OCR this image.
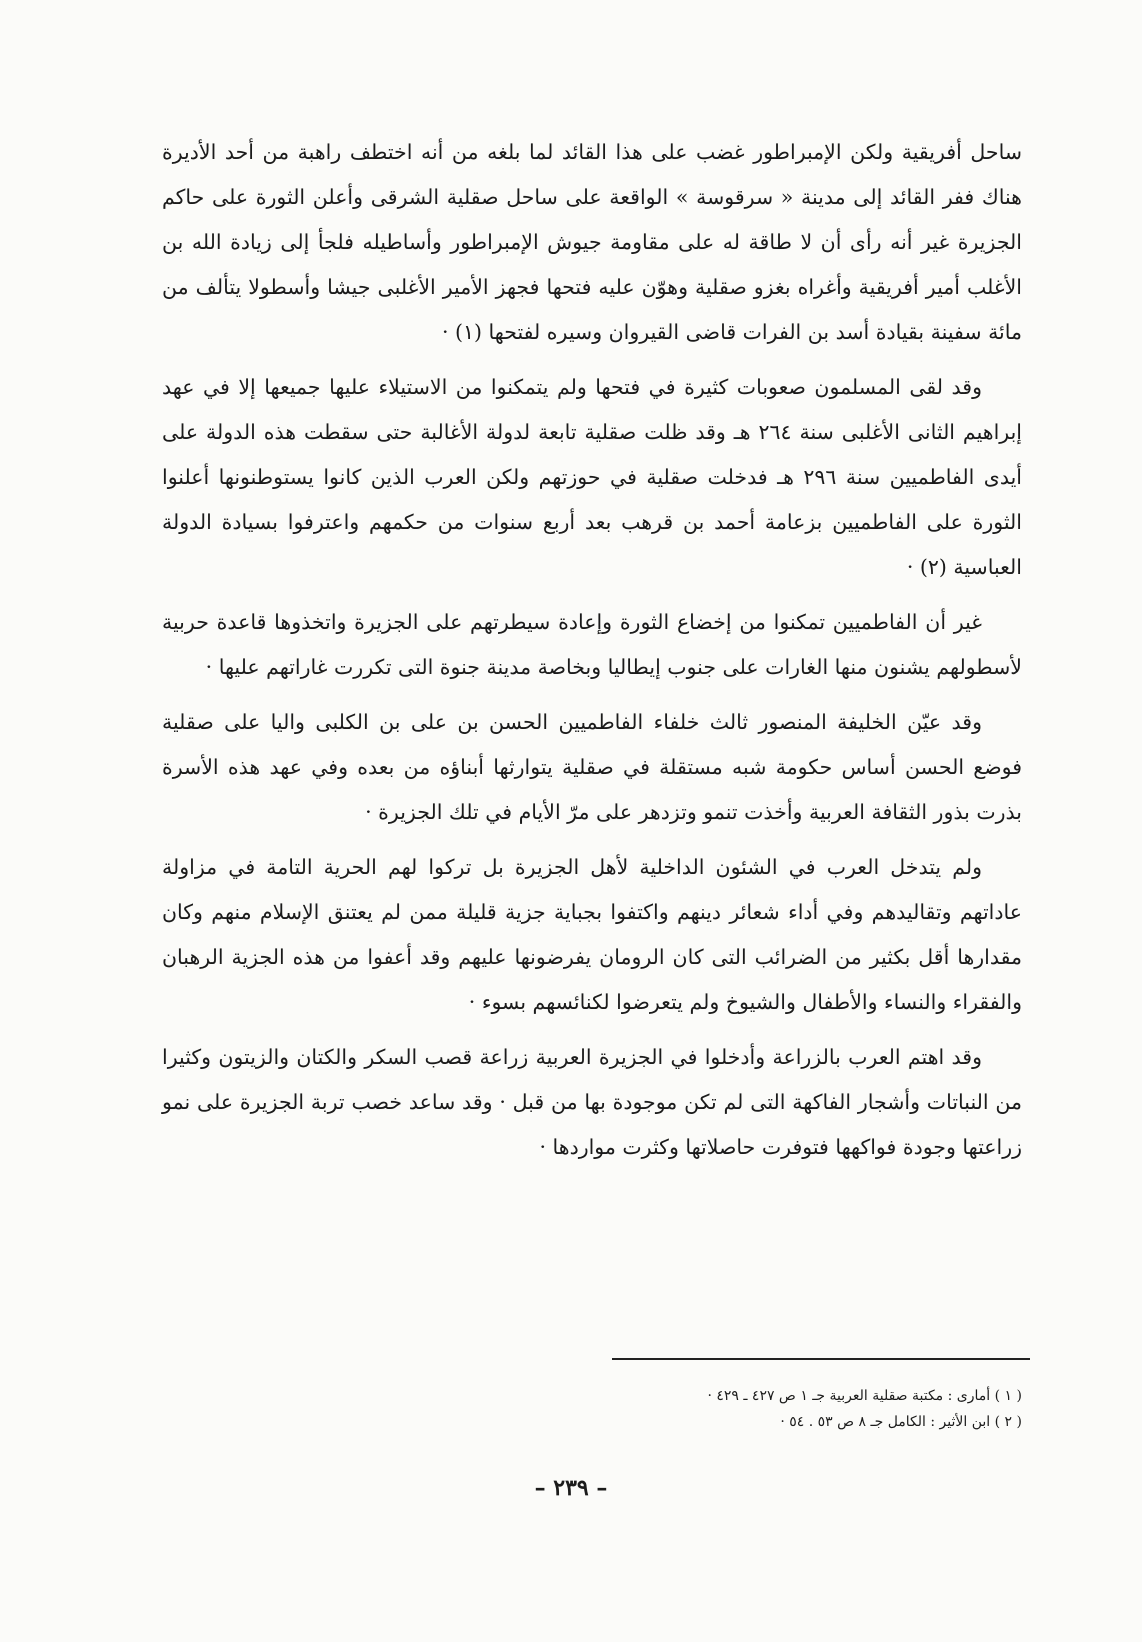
ساحل أفريقية ولكن الإمبراطور غضب على هذا القائد لما بلغه من أنه اختطف راهبة من أحد الأديرة هناك ففر القائد إلى مدينة « سرقوسة » الواقعة على ساحل صقلية الشرقى وأعلن الثورة على حاكم الجزيرة غير أنه رأى أن لا طاقة له على مقاومة جيوش الإمبراطور وأساطيله فلجأ إلى زيادة الله بن الأغلب أمير أفريقية وأغراه بغزو صقلية وهوّن عليه فتحها فجهز الأمير الأغلبى جيشا وأسطولا يتألف من مائة سفينة بقيادة أسد بن الفرات قاضى القيروان وسيره لفتحها (١) ·

وقد لقى المسلمون صعوبات كثيرة في فتحها ولم يتمكنوا من الاستيلاء عليها جميعها إلا في عهد إبراهيم الثانى الأغلبى سنة ٢٦٤ هـ وقد ظلت صقلية تابعة لدولة الأغالبة حتى سقطت هذه الدولة على أيدى الفاطميين سنة ٢٩٦ هـ فدخلت صقلية في حوزتهم ولكن العرب الذين كانوا يستوطنونها أعلنوا الثورة على الفاطميين بزعامة أحمد بن قرهب بعد أربع سنوات من حكمهم واعترفوا بسيادة الدولة العباسية (٢) ·

غير أن الفاطميين تمكنوا من إخضاع الثورة وإعادة سيطرتهم على الجزيرة واتخذوها قاعدة حربية لأسطولهم يشنون منها الغارات على جنوب إيطاليا وبخاصة مدينة جنوة التى تكررت غاراتهم عليها ·

وقد عيّن الخليفة المنصور ثالث خلفاء الفاطميين الحسن بن على بن الكلبى واليا على صقلية فوضع الحسن أساس حكومة شبه مستقلة في صقلية يتوارثها أبناؤه من بعده وفي عهد هذه الأسرة بذرت بذور الثقافة العربية وأخذت تنمو وتزدهر على مرّ الأيام في تلك الجزيرة ·

ولم يتدخل العرب في الشئون الداخلية لأهل الجزيرة بل تركوا لهم الحرية التامة في مزاولة عاداتهم وتقاليدهم وفي أداء شعائر دينهم واكتفوا بجباية جزية قليلة ممن لم يعتنق الإسلام منهم وكان مقدارها أقل بكثير من الضرائب التى كان الرومان يفرضونها عليهم وقد أعفوا من هذه الجزية الرهبان والفقراء والنساء والأطفال والشيوخ ولم يتعرضوا لكنائسهم بسوء ·

وقد اهتم العرب بالزراعة وأدخلوا في الجزيرة العربية زراعة قصب السكر والكتان والزيتون وكثيرا من النباتات وأشجار الفاكهة التى لم تكن موجودة بها من قبل · وقد ساعد خصب تربة الجزيرة على نمو زراعتها وجودة فواكهها فتوفرت حاصلاتها وكثرت مواردها ·

( ١ ) أمارى : مكتبة صقلية العربية جـ ١ ص ٤٢٧ ـ ٤٢٩ ·

( ٢ ) ابن الأثير : الكامل جـ ٨ ص ٥٣ . ٥٤ ·

– ٢٣٩ –
